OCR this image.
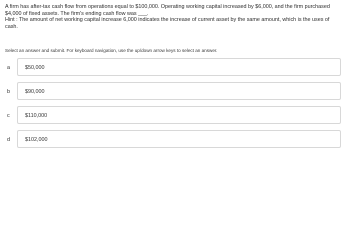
A firm has after-tax cash flow from operations equal to $100,000. Operating working capital increased by $6,000, and the firm purchased

$4,000 of fixed assets. The firm's ending cash flow was ___.

Hint : The amount of net working capital increase 6,000 indicates the increase of current asset by the same amount, which is the uses of

cash.

Select an answer and submit. For keyboard navigation, use the up/down arrow keys to select an answer.
a	$50,000
b	$90,000
c	$110,000
d	$102,000
